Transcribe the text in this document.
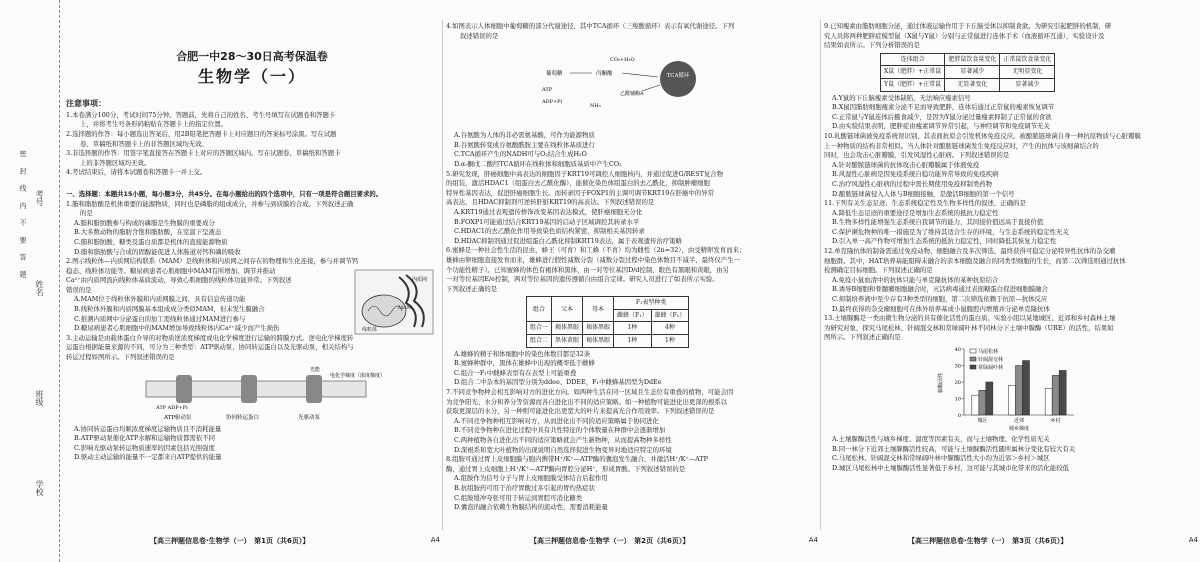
密 封 线 内 不 要 答 题
学校
班级
姓名
考号
合肥一中28～30日高考保温卷
生物学（一）
注意事项：
1.本卷满分100分，考试时间75分钟。答题前，先将自己的姓名、考生号填写在试题卷和答题卡
上，并将考生号条形码粘贴在答题卡上的指定位置。
2.选择题的作答：每小题选出答案后，用2B铅笔把答题卡上对应题目的答案标号涂黑。写在试题
卷、草稿纸和答题卡上的非答题区域均无效。
3.非选择题的作答：用签字笔直接答在答题卡上对应的答题区域内。写在试题卷、草稿纸和答题卡
上的非答题区域均无效。
4.考试结束后，请将本试题卷和答题卡一并上交。
一、选择题：本题共15小题，每小题3分，共45分。在每小题给出的四个选项中，只有一项是符合题目要求的。
1.脂和脂肪酸是机体重要的能源物质，同时也是磷脂的组成成分，并参与到质膜的合成。下列叙述正确
的是
A.脂和脂肪酸参与构成的磷脂是生物膜的重要成分
B.大多数动物的脂肪含饱和脂肪酸，在室温下呈液态
C.脂和脂肪酸、糖类及蛋白质都是机体的直接能源物质
D.脂和脂肪酸与合成的固醇能促进人体肠道对钙和磷的吸收
2.图示线粒体—内质网结构联系（MAM）是线粒体和内质网之间存在的物理和生化连接，参与并调节钙
稳态、线粒体功能等。糖尿病患者心肌细胞中MAM有所增加，调节并推动
Ca²⁺由内质网流向线粒体基质流动，导致心肌细胞的线粒体功能异常。下列叙述
错误的是
A.MAM位于线粒体外膜和内质网膜之间，具有信息传递功能
B.线粒体外膜和内质网膜基本组成成分类似MAM，但未发生膜融合
C.推测内质网中分泌蛋白的加工需线粒体通过MAM进行参与
D.糖尿病患者心肌细胞中的MAM增加导致线粒体内Ca²⁺减少而产生损伤
内质网
线粒体
MAM
3.主动运输是由载体蛋白介导的对物质逆浓度梯度或电化学梯度进行运输的跨膜方式。逆电化学梯度转
运蛋白根据能量来源的不同，可分为三种类型：ATP驱动泵、协同转运蛋白以及光驱动泵，相关结构与
转运过程如图所示。下列叙述错误的是
ATP ADP+Pi
光能
电化学梯度（浓度梯度）
ATP驱动泵	协同转运蛋白	光驱动泵
A.协同转运蛋白均顺浓度梯度运输物质且不消耗能量
B.ATP驱动泵催化ATP水解和运输物质都需依不同
C.影响光驱动泵转运物质速率的因素包括光照强度
D.驱动主动运输的能量不一定都来自ATP提供的能量
4.如图表示人体细胞中葡萄糖的部分代谢途径，其中TCA循环（三羧酸循环）表示有氧代谢途径。下列
叙述错误的是
TCA循环
葡萄糖	丙酮酸
CO₂+H₂O
ATP
ADP+Pi
NH₃
乙酰辅酶A
A.谷氨酸为人体的非必需氨基酸，可作为能源物质
B.谷氨酸转变成谷氨酸酰胺主要在线粒体基质进行
C.TCA循环产生的NADH可与O₂结合生成H₂O
D.α-酮戊二酸经TCA循环在线粒体和细胞质基质中产生CO₂
5.研究发现，肝癌细胞中高表达的细胞因子KRT19可调控人细胞核内，并通过促进G/REST复合物
的组装，激活HDAC1（组蛋白去乙酰化酶），能催化染色体组蛋白的去乙酰化，抑制肿瘤细胞
特异性基因表达，促进肝癌细胞生长。而转录因子FOXP1的主调可调节KRT19在肝癌中的异常
高表达，且HDAC抑制剂可逆转肝脏KRT19的高表达。下列叙述错误的是
A.KRT19通过表观遗传修饰改变基因表达模式，使肝癌细胞无分化
B.FOXP1可能通过结合KRT19基因的启动子区域调控其转录水平
C.HDAC1的去乙酰化作用导致染色质结构紧密，抑制相关基因转录
D.HDAC抑制剂通过促进组蛋白乙酰化抑制KRT19表达，属于表观遗传治疗策略
6.蜜蜂是一种社会性生活的昆虫，蜂王（可育）和工蜂（不育）均为雌性（2n=32），由受精卵发育而来；
雄蜂由卵细胞直接发育而来，雄蜂进行假性减数分裂（减数分裂过程中染色体数目不减半，最终仅产生一
个功能性精子）。已知蜜蜂的体色有褐体和黑体，由一对等位基因D/d控制，眼色有黑眼和黄眼，由另
一对等位基因E/e控制，两对等位基因的遗传遵循自由组合定律。研究人员进行了如表所示实验。
下列叙述正确的是
组合	父本	母本	F₁表型种类	
			雌蜂（F₁）	雄蜂（F₁）
组合一	褐体黑眼	褐体黑眼	1种	4种
组合二	黑体黄眼	褐体黑眼	1种	1种
A.雄蜂的精子和体细胞中的染色体数目都是32条
B.蜜蜂种群中，黑体在雄蜂中出现的概率低于雌蜂
C.组合一F₁中雌蜂表型有在表型上可能重叠
D.组合二中杂本的基因型分别为ddee、DDEE，F₁中雌蜂基因型为DdEe
7.不同竞争物种会相互影响对方的进化方向。如两种生活在同一区域且生态位有重叠的植物，可能会因
为竞争阳光、水分和养分等资源而各自进化出不同的适应策略。如一种植物可能进化出更深的根系以
获取更深层的水分，另一种则可能进化出更宽大的叶片来提高光合作用效率。下列叙述错误的是
A.不同竞争物种相互影响对方，从而进化出不同的适应策略属于协同进化
B.不同竞争物种在进化过程中具有共性特征的个体数量在种群中会逐渐增加
C.两种植物各自进化出不同的适应策略就会产生新物种，从而提高物种多样性
D.深根系和宽大叶植物的出现说明自然选择促进生物变异对地适应特定的环境
8.组胺可通过胃上皮细胞膜与胞内携带H⁺/K⁺—ATP酶的囊泡发生融合，并激活H⁺/K⁺—ATP
酶，通过胃上皮细胞上H⁺/K⁺—ATP酶向胃腔分泌H⁺，形成胃酸。下列叙述错误的是
A.组胺作为信号分子与胃上皮细胞膜受体结合后起作用
B.抗组胺药可用于治疗胃酸过多引起的胃灼热症状
C.组胺缓冲夸张可用于转运到胃腔可消化糖类
D.囊泡的融合依赖生物膜结构的流动性，需要消耗能量
9.已知瘦素由脂肪细胞分泌，通过体液运输作用于下丘脑受体以抑制食欲。为研究引起肥胖的机制，研
究人员将两种肥胖症模型鼠（X鼠与Y鼠）分别与正常鼠进行连体手术（血液循环互通），实验设计及
结果如表所示。下列分析错误的是
连体组合	肥胖鼠饮食量变化	正常鼠饮食量变化
X鼠（肥胖）+正常鼠	显著减少	无明显变化
Y鼠（肥胖）+正常鼠	无显著变化	显著减少
A.Y鼠的下丘脑瘦素受体缺陷，无法响应瘦素信号
B.X鼠因脂肪细胞瘦素分泌不足而导致肥胖，连体后通过正常鼠的瘦素恢复调节
C.正常鼠与Y鼠连体后摄食减少，是因为Y鼠分泌过量瘦素抑制了正常鼠的食欲
D.由实验结果表明，肥胖症由瘦素调节异常引起，与神经调节和免疫调节无关
10.乳酸链球菌被免疫系统误识别，其表面抗原会引发机体免疫反应。被酿脓链球菌自身一种抗原物质与心脏瓣膜
上一种物质的结构非常相似。当人体针对酿脓链球菌发生免疫反应时，产生的抗体与该细菌结合的
同时，也会攻击心脏瓣膜，引发风湿性心脏病。下列叙述错误的是
A.针对酿脓链球菌的抗体攻击心脏瓣膜属于体液免疫
B.风湿性心脏病是因免疫系统自稳功能异常导致的免疫疾病
C.治疗风湿性心脏病的过程中需长期使用免疫抑制类药物
D.酿脓链球菌侵入人体与B细胞接触，是激活B细胞的第一个信号
11.下列有关生态足迹、生态系统稳定性及生物多样性的叙述，正确的是
A.降低生态足迹的重要途径是增加生态系统的抵抗力稳定性
B.生物多样性能增强生态系统自我调节的能力，其间接价值远高于直接价值
C.保护濒危物种的唯一措施是为了维持其适合生存的环境，与生态系统的稳定性无关
D.引入单一高产作物可增加生态系统的抵抗力稳定性，同时降低其恢复力稳定性
12.单克隆抗体的制备需通过免疫动物、细胞融合及多次筛选，最终获得可稳定分泌特异性抗体的杂交瘤
细胞群。其中，HAT培养基能阻碍未融合的亲本细胞及融合的同类型细胞的生长，而第二次筛选则通过抗体
检测确定目标细胞。下列叙述正确的是
A.免疫小鼠血清中的抗体只能与单克隆抗体的某种抗原结合
B.诱导B细胞和骨髓瘤细胞融合时，灭活病毒通过表面糖蛋白促进细胞膜融合
C.抑制培养液中至少存有3种类型的细胞，第二次筛选依赖于抗原—抗体反应
D.最终获得的杂交瘤细胞可在体外培养基或小鼠腹腔内增殖并分泌单克隆抗体
13.土壤脲酶是一类由微生物分泌的具有催化活性的蛋白质。实验小组以某地城区、近郊和乡村森林土壤
为研究对象，探究马尾松林、针阔混交林和常绿阔叶林不同林分下土壤中脲酶（URE）的活性，结果如
图所示。下列叙述正确的是
0
10
20
30
40
脲酶活性
城区	近郊	乡村
城乡梯度
马尾松林
针阔混交林
常绿阔叶林
A.土壤脲酶活性与城乡梯度、温度等因素有关，而与土壤物理、化学性质无关
B.同一林分下近郊土壤脲酶活性较高，可能与土壤脲酶活性随所属林分变化有较大有关
C.马尾松林、针阔混交林和常绿阔叶林中脲酶活性大小均为近郊＞乡村＞城区
D.城区马尾松林中土壤脲酶活性显著低于乡村，这可能与其城市化带来的活化能较低
【高三押题信息卷·生物学（一）　第1页（共6页）】	A4	【高三押题信息卷·生物学（一）　第2页（共6页）】	A4	【高三押题信息卷·生物学（一）　第3页（共6页）】	A4
